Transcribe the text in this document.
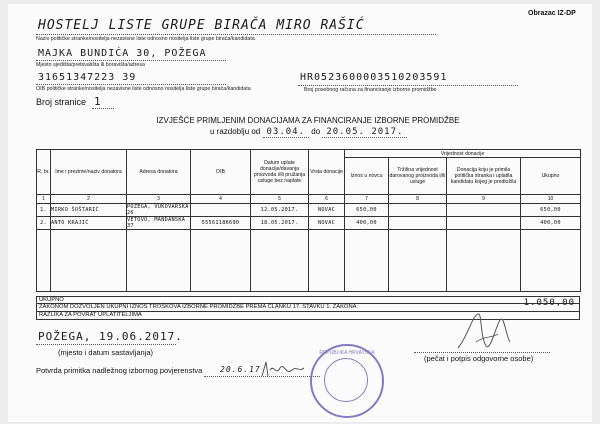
Obrazac IZ-DP
HOSTELJ LISTE GRUPE BIRAČA MIRO RAŠIĆ
Naziv političke stranke/nositelja nezavisne liste odnosno nositelja liste grupe birača/kandidata
MAJKA BUNDIĆA 30, POŽEGA
Mjesto sjedišta/prebivališta ili boravišta/adresa
31651347223 39
OIB političke stranke/nositelja nezavisne liste odnosno nositelja liste grupe birača/kandidata
HR0523600003510203591
Broj posebnog računa za financiranje izborne promidžbe
Broj stranice 1
IZVJEŠĆE PRIMLJENIM DONACIJAMA ZA FINANCIRANJE IZBORNE PROMIDŽBE
u razdoblju od 03.04. do 20.05. 2017.
R. br.	Ime i prezime/naziv donatora	Adresa donatora	OIB	Datum uplate donacije/davanja proizvoda i/ili pružanja usluge bez naplate	Vrsta donacije	Vrijednost donacije			
						Iznos u novcu	Tržišna vrijednost darovanog proizvoda i/ili usluge	Donacija koju je primila politička stranka i uplatila kandidatu kojeg je predložila	Ukupno
1	2	3	4	5	6	7	8	9	10
1.	MIRKO ŠOŠTARIĆ	POŽEGA, VUKOVARSKA 26		12.05.2017.	NOVAC	650,00			650,00
2.	ANTO KRAJIĆ	VETOVO, MANDANSKA 37	55561186690	18.05.2017.	NOVAC	400,00			400,00

UKUPNO
ZAKONOM DOZVOLJEN UKUPNI IZNOS TROŠKOVA IZBORNE PROMIDŽBE PREMA ČLANKU 17. STAVKU 1. ZAKONA	1.050,00
RAZLIKA ZA POVRAT UPLATITELJIMA
POŽEGA, 19.06.2017.
(mjesto i datum sastavljanja)
(pečat i potpis odgovorne osobe)
Potvrda primitka nadležnog izbornog povjerenstva 20.6.17
REPUBLIKA HRVATSKA
